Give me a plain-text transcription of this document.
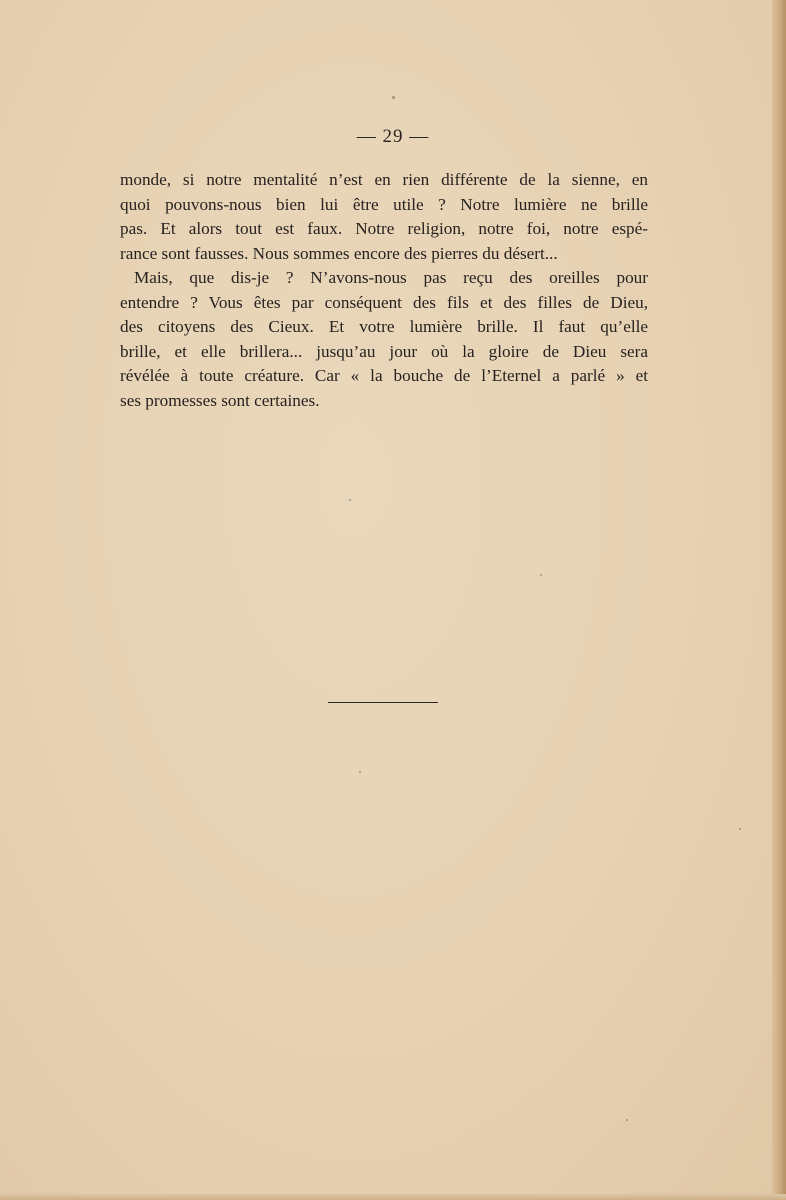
— 29 —
monde, si notre mentalité n’est en rien différente de la sienne, en
quoi pouvons-nous bien lui être utile ? Notre lumière ne brille
pas. Et alors tout est faux. Notre religion, notre foi, notre espé-
rance sont fausses. Nous sommes encore des pierres du désert...
Mais, que dis-je ? N’avons-nous pas reçu des oreilles pour
entendre ? Vous êtes par conséquent des fils et des filles de Dieu,
des citoyens des Cieux. Et votre lumière brille. Il faut qu’elle
brille, et elle brillera... jusqu’au jour où la gloire de Dieu sera
révélée à toute créature. Car « la bouche de l’Eternel a parlé » et
ses promesses sont certaines.
